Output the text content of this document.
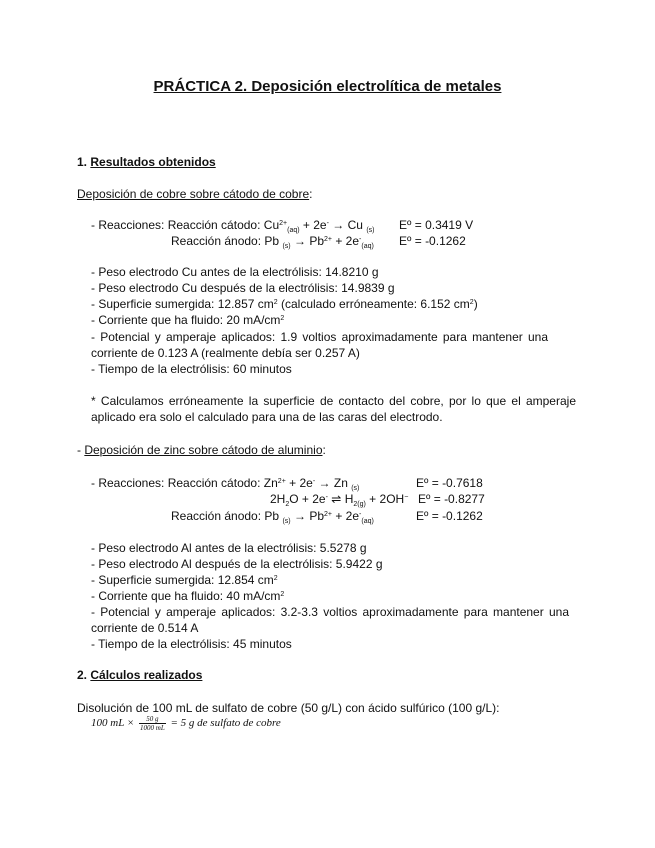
PRÁCTICA 2. Deposición electrolítica de metales
1. Resultados obtenidos
Deposición de cobre sobre cátodo de cobre:
- Reacciones: Reacción cátodo: $Cu^{2+}_{(aq)} + 2e^- \to Cu$ $_{(s)}$ Eº = 0.3419 V
Reacción ánodo: Pb $_{(s)} \to Pb^{2+} + 2e^-_{(aq)}$ Eº = -0.1262
- Peso electrodo Cu antes de la electrólisis: 14.8210 g
- Peso electrodo Cu después de la electrólisis: 14.9839 g
- Superficie sumergida: 12.857 $cm^2$ (calculado erróneamente: 6.152 $cm^2$)
- Corriente que ha fluido: 20 $mA/cm^2$
- Potencial y amperaje aplicados: 1.9 voltios aproximadamente para mantener una
corriente de 0.123 A (realmente debía ser 0.257 A)
- Tiempo de la electrólisis: 60 minutos
* Calculamos erróneamente la superficie de contacto del cobre, por lo que el amperaje
aplicado era solo el calculado para una de las caras del electrodo.
- Deposición de zinc sobre cátodo de aluminio:
- Reacciones: Reacción cátodo: $Zn^{2+} + 2e^- \to Zn$ $_{(s)}$	Eº = -0.7618
$2H_2O + 2e^-$ ⇌ $H_{2(g)} + 2OH^-$ Eº = -0.8277
Reacción ánodo: Pb $_{(s)} \to Pb^{2+} + 2e^-_{(aq)}$	Eº = -0.1262
- Peso electrodo Al antes de la electrólisis: 5.5278 g
- Peso electrodo Al después de la electrólisis: 5.9422 g
- Superficie sumergida: 12.854 $cm^2$
- Corriente que ha fluido: 40 $mA/cm^2$
- Potencial y amperaje aplicados: 3.2-3.3 voltios aproximadamente para mantener una
corriente de 0.514 A
- Tiempo de la electrólisis: 45 minutos
2. Cálculos realizados
Disolución de 100 mL de sulfato de cobre (50 g/L) con ácido sulfúrico (100 g/L):
100 mL × $\frac{50 g}{1000 mL} = 5$ g de sulfato de cobre
